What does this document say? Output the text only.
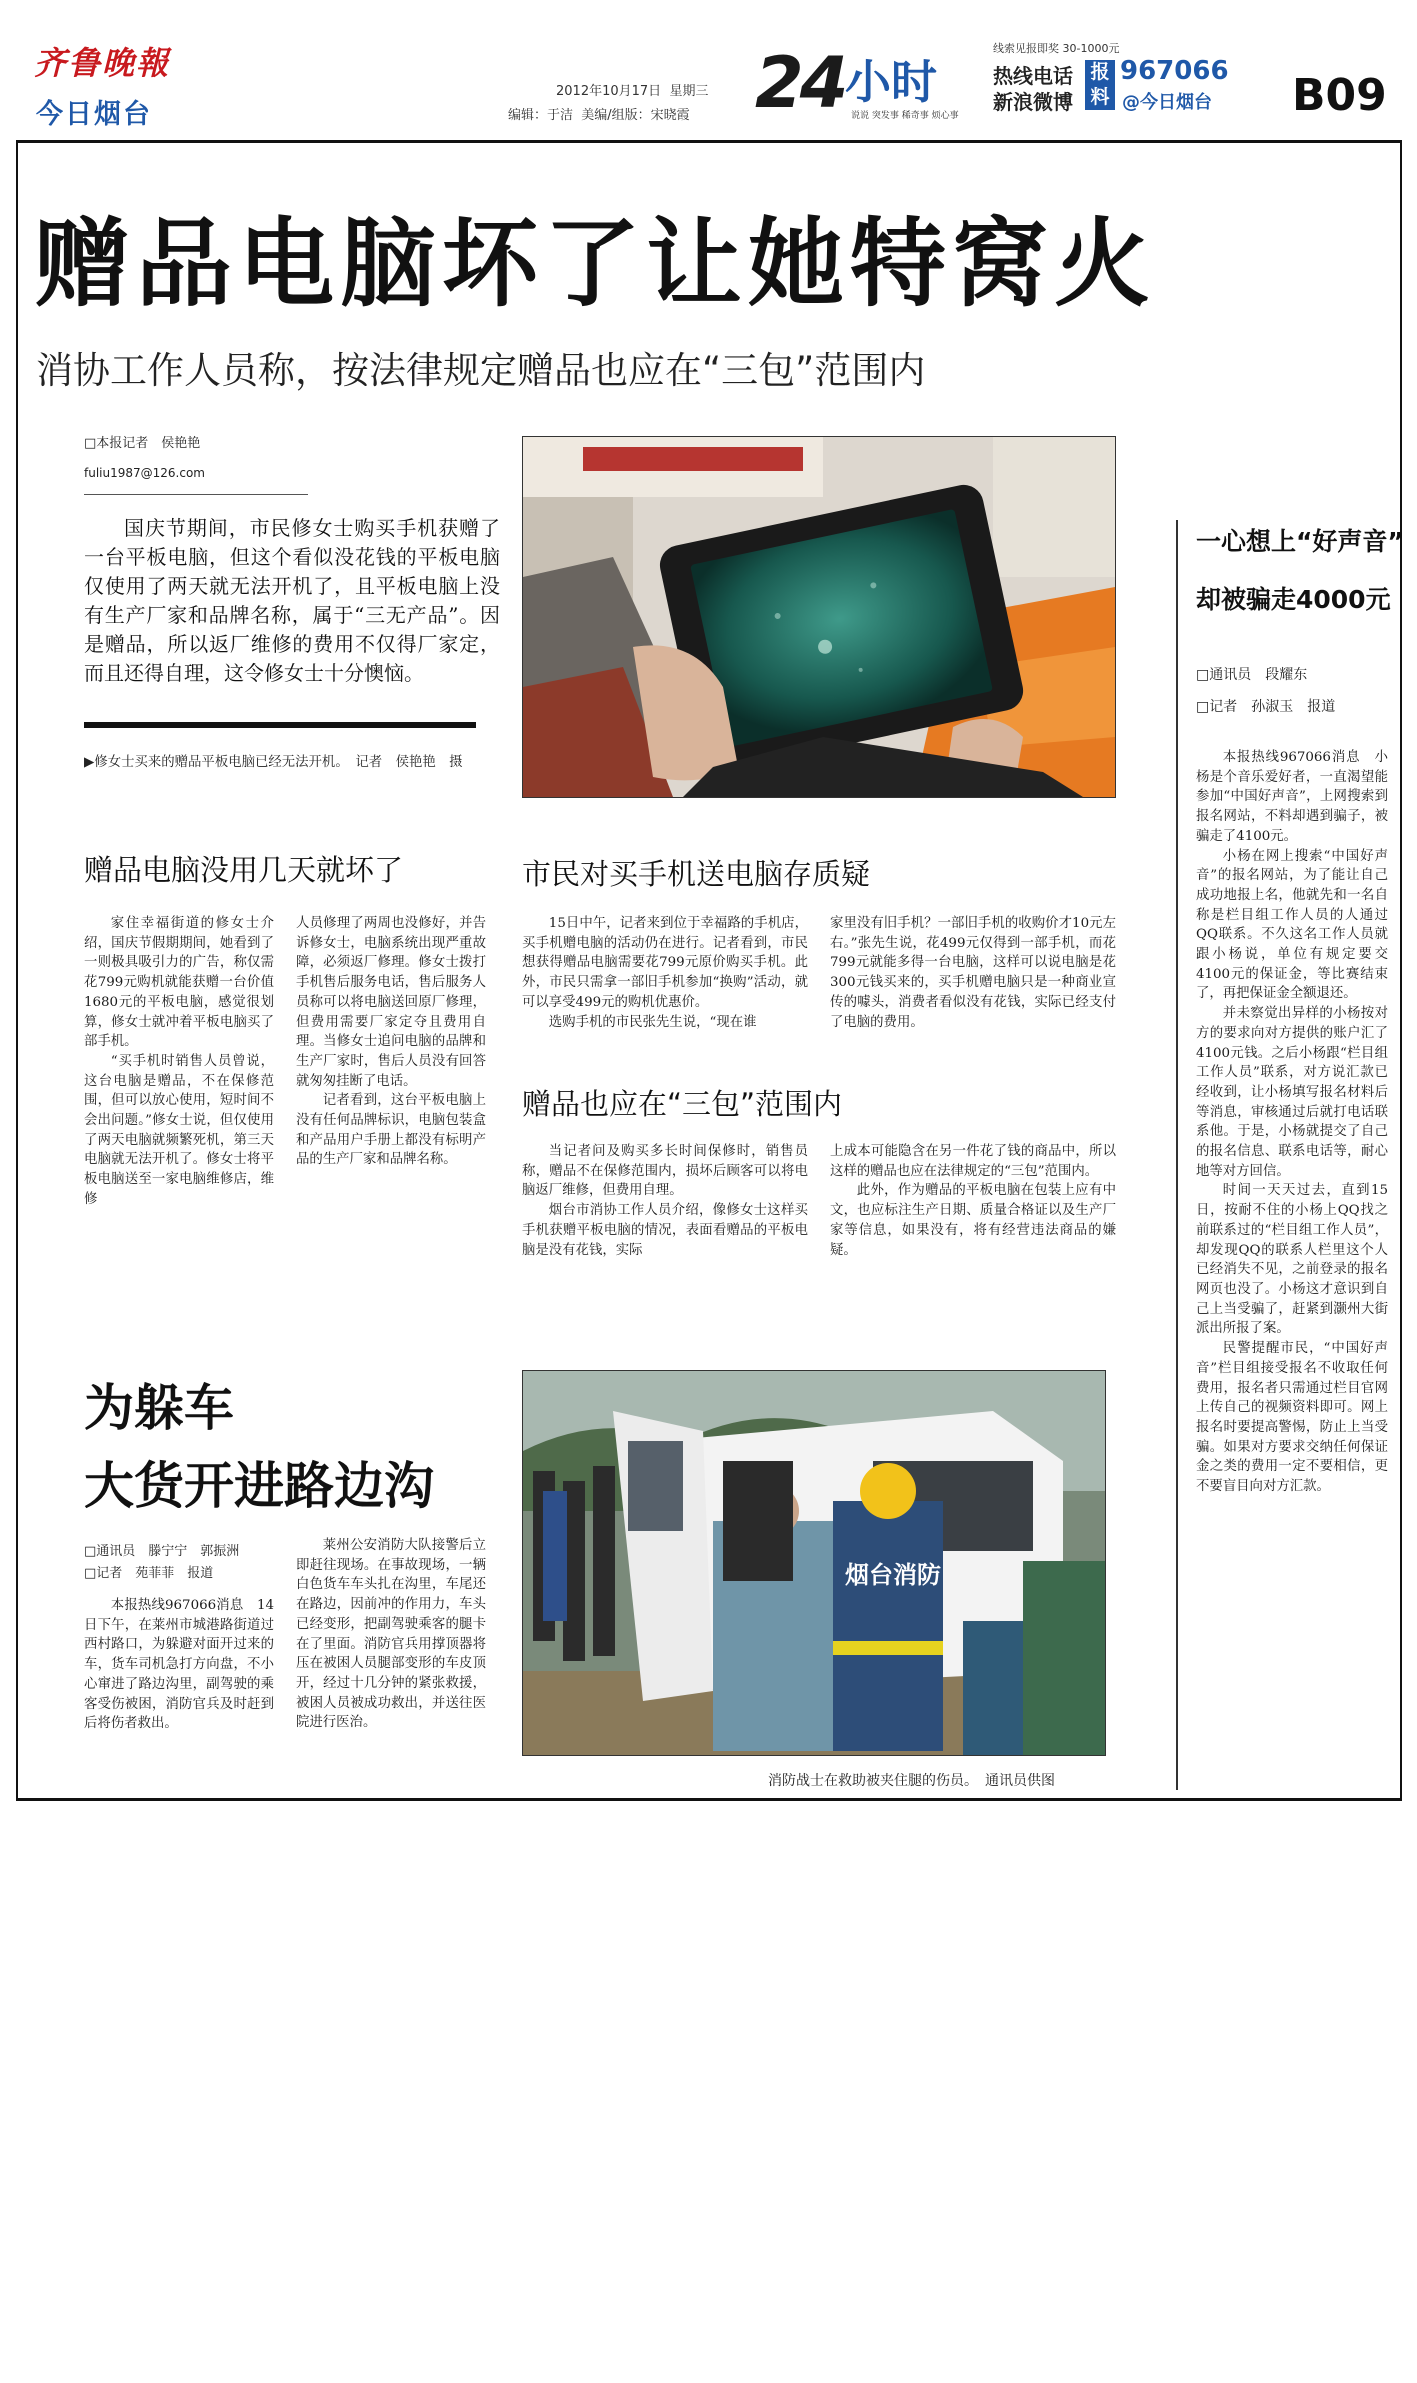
齐鲁晚報
今日烟台
2012年10月17日 星期三
编辑：于洁 美编/组版：宋晓霞 24 小时
说说 突发事 稀奇事 烦心事
线索见报即奖 30-1000元
热线电话
新浪微博
报料
967066
@今日烟台 B09
赠品电脑坏了让她特窝火
消协工作人员称，按法律规定赠品也应在“三包”范围内
□本报记者　侯艳艳
fuliu1987@126.com
国庆节期间，市民修女士购买手机获赠了一台平板电脑，但这个看似没花钱的平板电脑仅使用了两天就无法开机了，且平板电脑上没有生产厂家和品牌名称，属于“三无产品”。因是赠品，所以返厂维修的费用不仅得厂家定，而且还得自理，这令修女士十分懊恼。
▶修女士买来的赠品平板电脑已经无法开机。　记者　侯艳艳　摄
赠品电脑没用几天就坏了

家住幸福街道的修女士介绍，国庆节假期期间，她看到了一则极具吸引力的广告，称仅需花799元购机就能获赠一台价值1680元的平板电脑，感觉很划算，修女士就冲着平板电脑买了部手机。

“买手机时销售人员曾说，这台电脑是赠品，不在保修范围，但可以放心使用，短时间不会出问题。”修女士说，但仅使用了两天电脑就频繁死机，第三天电脑就无法开机了。修女士将平板电脑送至一家电脑维修店，维修

人员修理了两周也没修好，并告诉修女士，电脑系统出现严重故障，必须返厂修理。修女士拨打手机售后服务电话，售后服务人员称可以将电脑送回原厂修理，但费用需要厂家定夺且费用自理。当修女士追问电脑的品牌和生产厂家时，售后人员没有回答就匆匆挂断了电话。

记者看到，这台平板电脑上没有任何品牌标识，电脑包装盒和产品用户手册上都没有标明产品的生产厂家和品牌名称。

市民对买手机送电脑存质疑

15日中午，记者来到位于幸福路的手机店，买手机赠电脑的活动仍在进行。记者看到，市民想获得赠品电脑需要花799元原价购买手机。此外，市民只需拿一部旧手机参加“换购”活动，就可以享受499元的购机优惠价。

选购手机的市民张先生说，“现在谁

家里没有旧手机？一部旧手机的收购价才10元左右。”张先生说，花499元仅得到一部手机，而花799元就能多得一台电脑，这样可以说电脑是花300元钱买来的，买手机赠电脑只是一种商业宣传的噱头，消费者看似没有花钱，实际已经支付了电脑的费用。

赠品也应在“三包”范围内

当记者问及购买多长时间保修时，销售员称，赠品不在保修范围内，损坏后顾客可以将电脑返厂维修，但费用自理。

烟台市消协工作人员介绍，像修女士这样买手机获赠平板电脑的情况，表面看赠品的平板电脑是没有花钱，实际

上成本可能隐含在另一件花了钱的商品中，所以这样的赠品也应在法律规定的“三包”范围内。

此外，作为赠品的平板电脑在包装上应有中文，也应标注生产日期、质量合格证以及生产厂家等信息，如果没有，将有经营违法商品的嫌疑。

一心想上“好声音”
却被骗走4000元
□通讯员　段耀东
□记者　孙淑玉　报道

本报热线967066消息　小杨是个音乐爱好者，一直渴望能参加“中国好声音”，上网搜索到报名网站，不料却遇到骗子，被骗走了4100元。

小杨在网上搜索“中国好声音”的报名网站，为了能让自己成功地报上名，他就先和一名自称是栏目组工作人员的人通过QQ联系。不久这名工作人员就跟小杨说，单位有规定要交4100元的保证金，等比赛结束了，再把保证金全额退还。

并未察觉出异样的小杨按对方的要求向对方提供的账户汇了4100元钱。之后小杨跟“栏目组工作人员”联系，对方说汇款已经收到，让小杨填写报名材料后等消息，审核通过后就打电话联系他。于是，小杨就提交了自己的报名信息、联系电话等，耐心地等对方回信。

时间一天天过去，直到15日，按耐不住的小杨上QQ找之前联系过的“栏目组工作人员”，却发现QQ的联系人栏里这个人已经消失不见，之前登录的报名网页也没了。小杨这才意识到自己上当受骗了，赶紧到灏州大街派出所报了案。

民警提醒市民，“中国好声音”栏目组接受报名不收取任何费用，报名者只需通过栏目官网上传自己的视频资料即可。网上报名时要提高警惕，防止上当受骗。如果对方要求交纳任何保证金之类的费用一定不要相信，更不要盲目向对方汇款。

为躲车
大货开进路边沟
□通讯员　滕宁宁　郭振洲
□记者　苑菲菲　报道

本报热线967066消息　14日下午，在莱州市城港路街道过西村路口，为躲避对面开过来的车，货车司机急打方向盘，不小心窜进了路边沟里，副驾驶的乘客受伤被困，消防官兵及时赶到后将伤者救出。

莱州公安消防大队接警后立即赶往现场。在事故现场，一辆白色货车车头扎在沟里，车尾还在路边，因前冲的作用力，车头已经变形，把副驾驶乘客的腿卡在了里面。消防官兵用撑顶器将压在被困人员腿部变形的车皮顶开，经过十几分钟的紧张救援，被困人员被成功救出，并送往医院进行医治。

烟台消防
消防战士在救助被夹住腿的伤员。　通讯员供图
